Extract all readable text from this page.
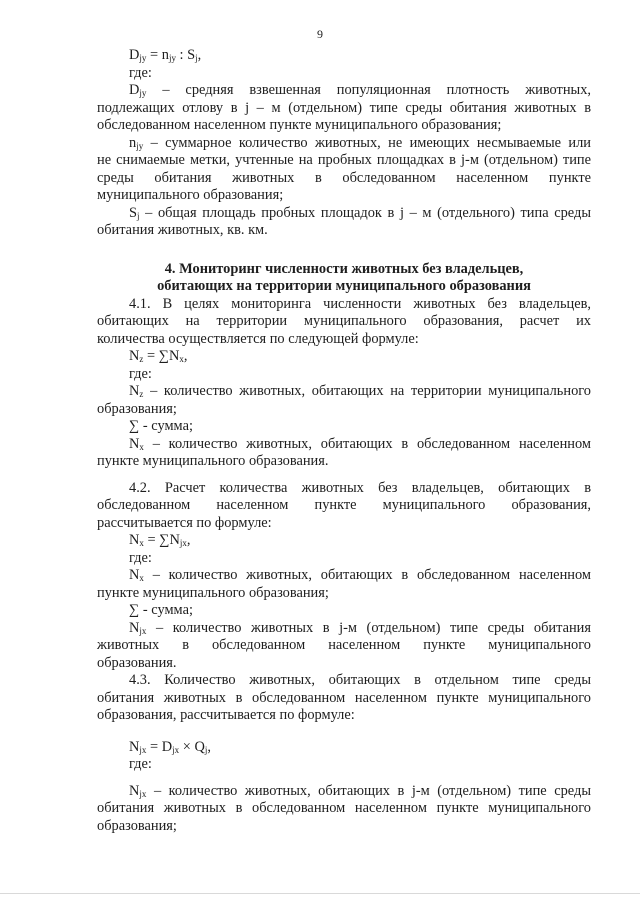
9

$D_{jy} = n_{jy}$ : $S_j$,

где:

$D_{jy}$ – средняя взвешенная популяционная плотность животных,
подлежащих отлову в j – м (отдельном) типе среды обитания животных в

обследованном населенном пункте муниципального образования;

$n_{jy}$ – суммарное количество животных, не имеющих несмываемые или
не снимаемые метки, учтенные на пробных площадках в j-м (отдельном) типе
среды обитания животных в обследованном населенном пункте

муниципального образования;

$S_j$ – общая площадь пробных площадок в j – м (отдельного) типа среды

обитания животных, кв. км.

4. Мониторинг численности животных без владельцев,
обитающих на территории муниципального образования

4.1. В целях мониторинга численности животных без владельцев,
обитающих на территории муниципального образования, расчет их

количества осуществляется по следующей формуле:

$N_z = \sum N_x$,

где:

$N_z$ – количество животных, обитающих на территории муниципального

образования;

∑ - сумма;

$N_x$ – количество животных, обитающих в обследованном населенном

пункте муниципального образования.

4.2. Расчет количества животных без владельцев, обитающих в
обследованном населенном пункте муниципального образования,

рассчитывается по формуле:

$N_x = \sum N_{jx}$,

где:

$N_x$ – количество животных, обитающих в обследованном населенном

пункте муниципального образования;

∑ - сумма;

$N_{jx}$ – количество животных в j-м (отдельном) типе среды обитания
животных в обследованном населенном пункте муниципального

образования.

4.3. Количество животных, обитающих в отдельном типе среды
обитания животных в обследованном населенном пункте муниципального

образования, рассчитывается по формуле:

$N_{jx} = D_{jx} \times Q_j$,

где:

$N_{jx}$ – количество животных, обитающих в j-м (отдельном) типе среды
обитания животных в обследованном населенном пункте муниципального

образования;
